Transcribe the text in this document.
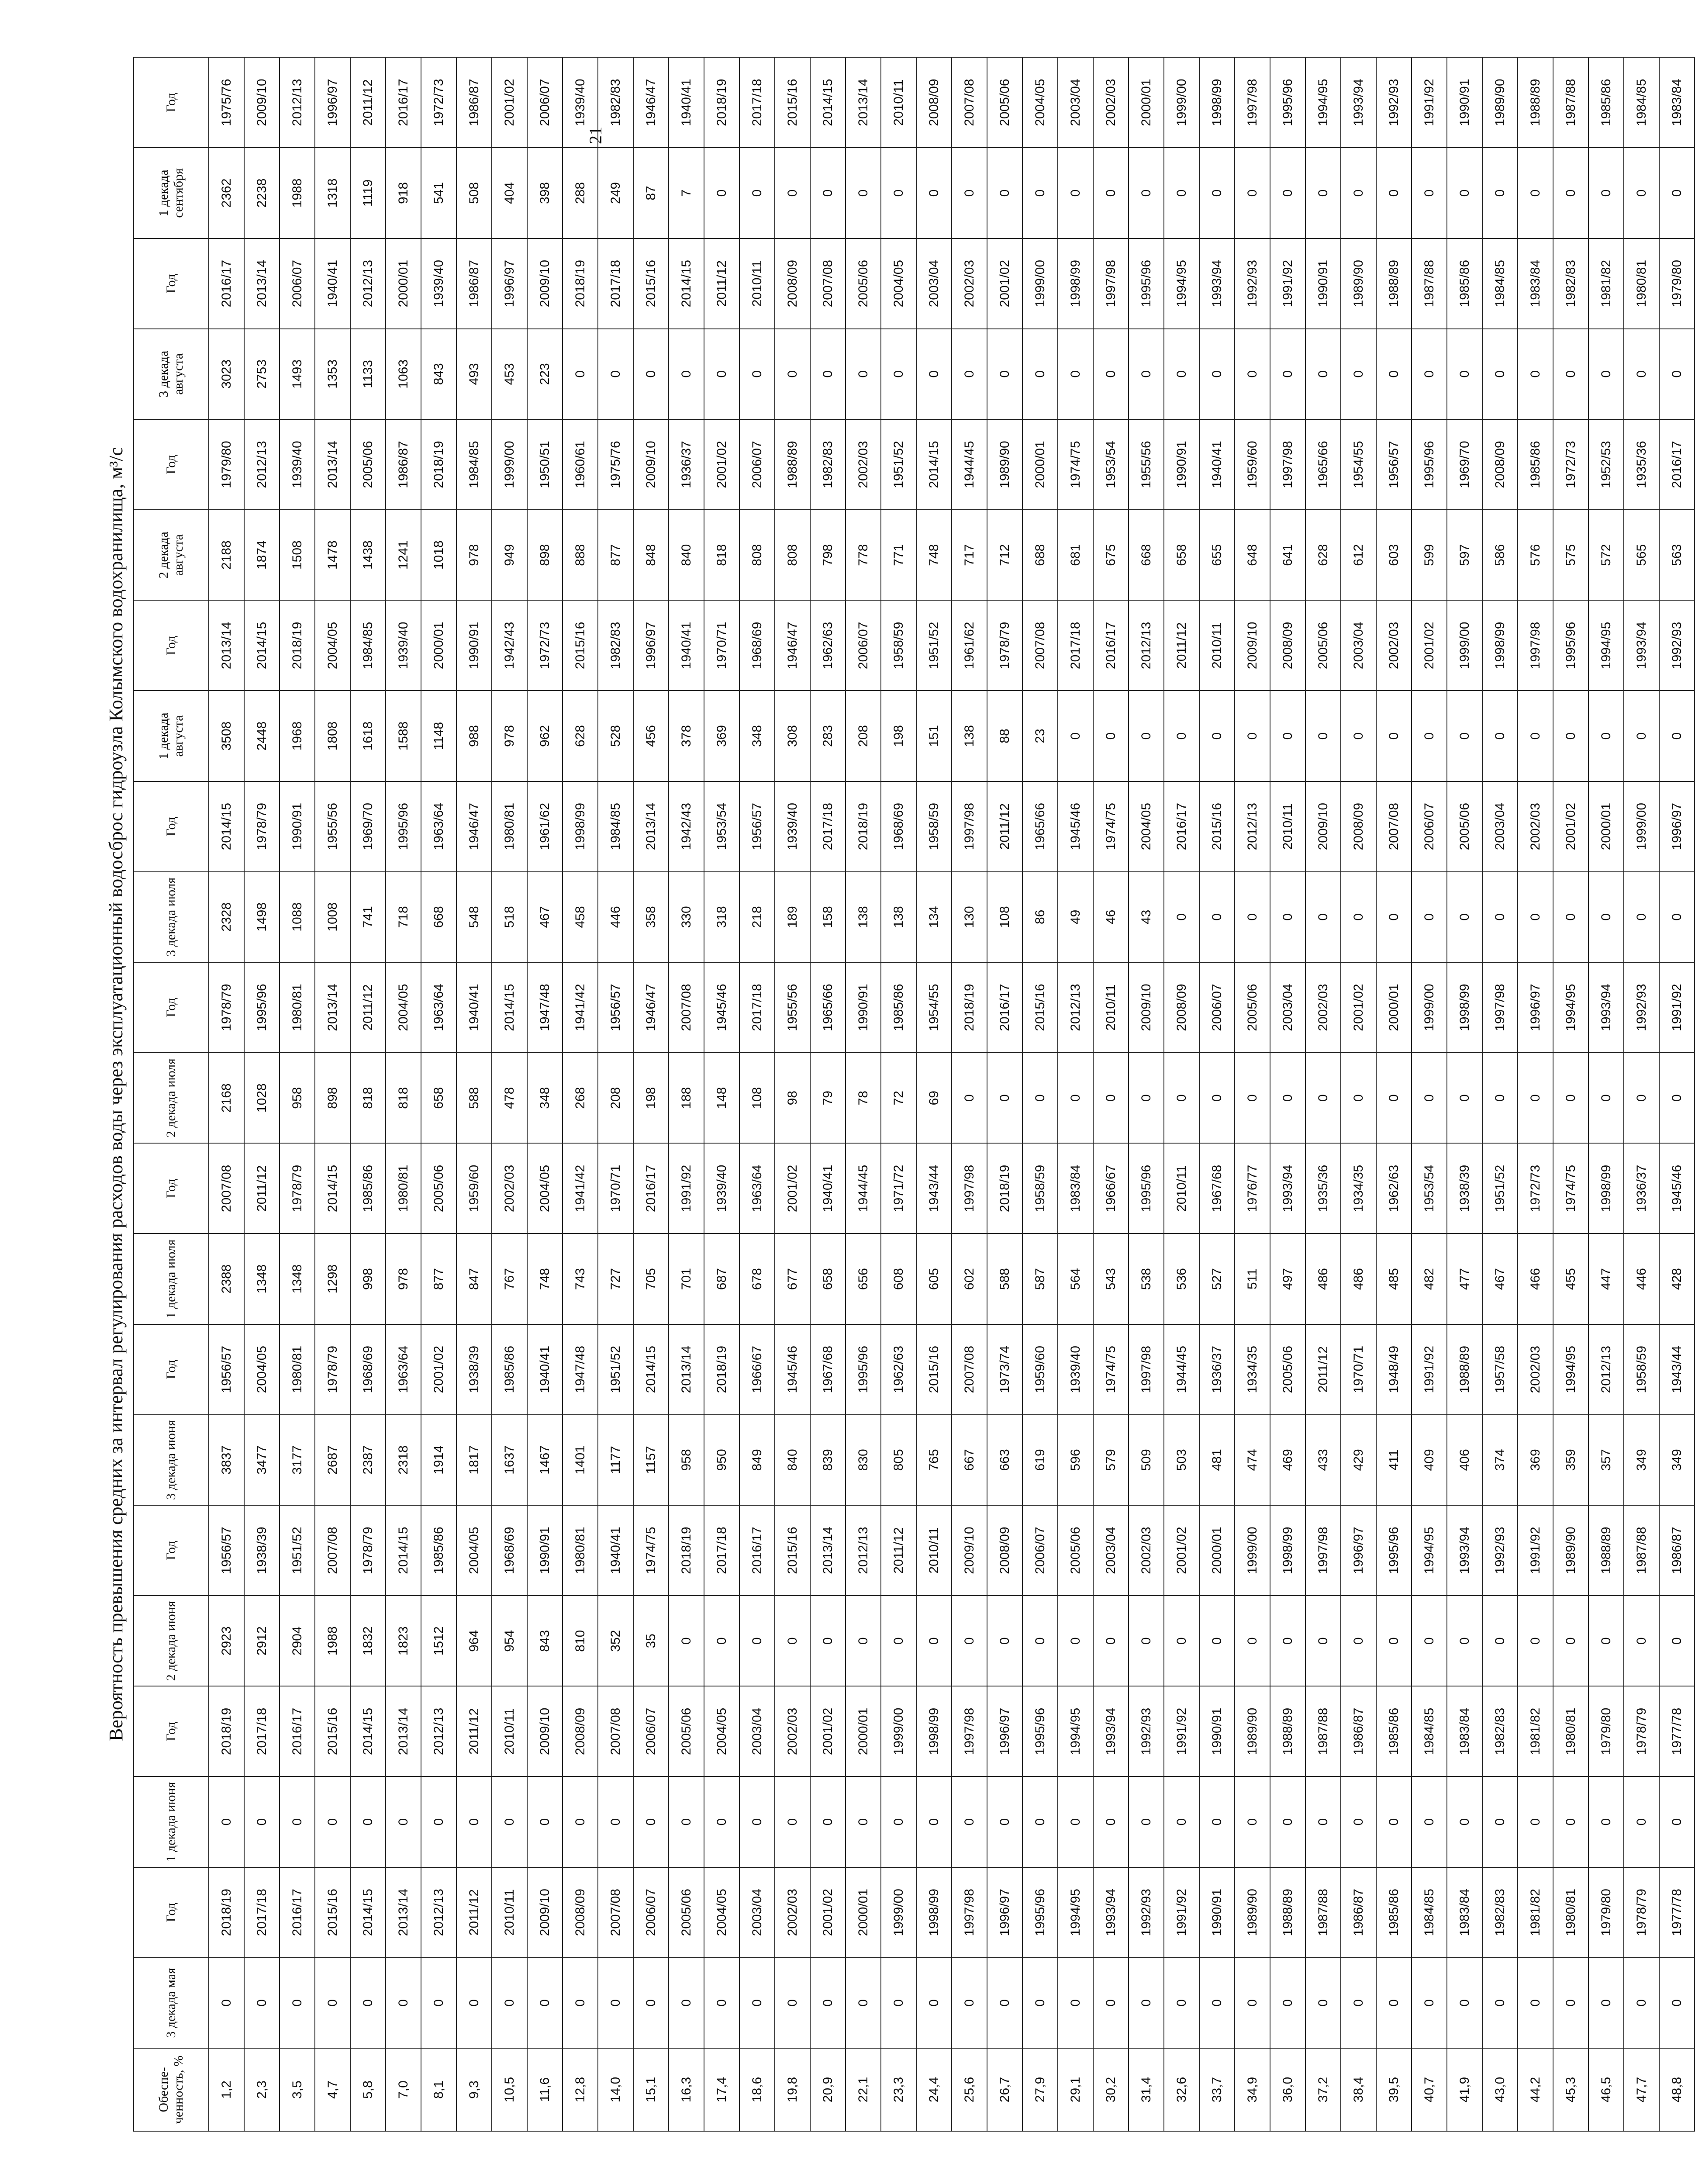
21
Вероятность превышения средних за интервал регулирования расходов воды через эксплуатационный водосброс гидроузла Колымского водохранилища, м³/с
Обеспе-ченность, %	3 декада мая	Год	1 декада июня	Год	2 декада июня	Год	3 декада июня	Год	1 декада июля	Год	2 декада июля	Год	3 декада июля	Год	1 декада августа	Год	2 декада августа	Год	3 декада августа	Год	1 декада сентября	Год
1,2	0	2018/19	0	2018/19	2923	1956/57	3837	1956/57	2388	2007/08	2168	1978/79	2328	2014/15	3508	2013/14	2188	1979/80	3023	2016/17	2362	1975/76
2,3	0	2017/18	0	2017/18	2912	1938/39	3477	2004/05	1348	2011/12	1028	1995/96	1498	1978/79	2448	2014/15	1874	2012/13	2753	2013/14	2238	2009/10
3,5	0	2016/17	0	2016/17	2904	1951/52	3177	1980/81	1348	1978/79	958	1980/81	1088	1990/91	1968	2018/19	1508	1939/40	1493	2006/07	1988	2012/13
4,7	0	2015/16	0	2015/16	1988	2007/08	2687	1978/79	1298	2014/15	898	2013/14	1008	1955/56	1808	2004/05	1478	2013/14	1353	1940/41	1318	1996/97
5,8	0	2014/15	0	2014/15	1832	1978/79	2387	1968/69	998	1985/86	818	2011/12	741	1969/70	1618	1984/85	1438	2005/06	1133	2012/13	1119	2011/12
7,0	0	2013/14	0	2013/14	1823	2014/15	2318	1963/64	978	1980/81	818	2004/05	718	1995/96	1588	1939/40	1241	1986/87	1063	2000/01	918	2016/17
8,1	0	2012/13	0	2012/13	1512	1985/86	1914	2001/02	877	2005/06	658	1963/64	668	1963/64	1148	2000/01	1018	2018/19	843	1939/40	541	1972/73
9,3	0	2011/12	0	2011/12	964	2004/05	1817	1938/39	847	1959/60	588	1940/41	548	1946/47	988	1990/91	978	1984/85	493	1986/87	508	1986/87
10,5	0	2010/11	0	2010/11	954	1968/69	1637	1985/86	767	2002/03	478	2014/15	518	1980/81	978	1942/43	949	1999/00	453	1996/97	404	2001/02
11,6	0	2009/10	0	2009/10	843	1990/91	1467	1940/41	748	2004/05	348	1947/48	467	1961/62	962	1972/73	898	1950/51	223	2009/10	398	2006/07
12,8	0	2008/09	0	2008/09	810	1980/81	1401	1947/48	743	1941/42	268	1941/42	458	1998/99	628	2015/16	888	1960/61	0	2018/19	288	1939/40
14,0	0	2007/08	0	2007/08	352	1940/41	1177	1951/52	727	1970/71	208	1956/57	446	1984/85	528	1982/83	877	1975/76	0	2017/18	249	1982/83
15,1	0	2006/07	0	2006/07	35	1974/75	1157	2014/15	705	2016/17	198	1946/47	358	2013/14	456	1996/97	848	2009/10	0	2015/16	87	1946/47
16,3	0	2005/06	0	2005/06	0	2018/19	958	2013/14	701	1991/92	188	2007/08	330	1942/43	378	1940/41	840	1936/37	0	2014/15	7	1940/41
17,4	0	2004/05	0	2004/05	0	2017/18	950	2018/19	687	1939/40	148	1945/46	318	1953/54	369	1970/71	818	2001/02	0	2011/12	0	2018/19
18,6	0	2003/04	0	2003/04	0	2016/17	849	1966/67	678	1963/64	108	2017/18	218	1956/57	348	1968/69	808	2006/07	0	2010/11	0	2017/18
19,8	0	2002/03	0	2002/03	0	2015/16	840	1945/46	677	2001/02	98	1955/56	189	1939/40	308	1946/47	808	1988/89	0	2008/09	0	2015/16
20,9	0	2001/02	0	2001/02	0	2013/14	839	1967/68	658	1940/41	79	1965/66	158	2017/18	283	1962/63	798	1982/83	0	2007/08	0	2014/15
22,1	0	2000/01	0	2000/01	0	2012/13	830	1995/96	656	1944/45	78	1990/91	138	2018/19	208	2006/07	778	2002/03	0	2005/06	0	2013/14
23,3	0	1999/00	0	1999/00	0	2011/12	805	1962/63	608	1971/72	72	1985/86	138	1968/69	198	1958/59	771	1951/52	0	2004/05	0	2010/11
24,4	0	1998/99	0	1998/99	0	2010/11	765	2015/16	605	1943/44	69	1954/55	134	1958/59	151	1951/52	748	2014/15	0	2003/04	0	2008/09
25,6	0	1997/98	0	1997/98	0	2009/10	667	2007/08	602	1997/98	0	2018/19	130	1997/98	138	1961/62	717	1944/45	0	2002/03	0	2007/08
26,7	0	1996/97	0	1996/97	0	2008/09	663	1973/74	588	2018/19	0	2016/17	108	2011/12	88	1978/79	712	1989/90	0	2001/02	0	2005/06
27,9	0	1995/96	0	1995/96	0	2006/07	619	1959/60	587	1958/59	0	2015/16	86	1965/66	23	2007/08	688	2000/01	0	1999/00	0	2004/05
29,1	0	1994/95	0	1994/95	0	2005/06	596	1939/40	564	1983/84	0	2012/13	49	1945/46	0	2017/18	681	1974/75	0	1998/99	0	2003/04
30,2	0	1993/94	0	1993/94	0	2003/04	579	1974/75	543	1966/67	0	2010/11	46	1974/75	0	2016/17	675	1953/54	0	1997/98	0	2002/03
31,4	0	1992/93	0	1992/93	0	2002/03	509	1997/98	538	1995/96	0	2009/10	43	2004/05	0	2012/13	668	1955/56	0	1995/96	0	2000/01
32,6	0	1991/92	0	1991/92	0	2001/02	503	1944/45	536	2010/11	0	2008/09	0	2016/17	0	2011/12	658	1990/91	0	1994/95	0	1999/00
33,7	0	1990/91	0	1990/91	0	2000/01	481	1936/37	527	1967/68	0	2006/07	0	2015/16	0	2010/11	655	1940/41	0	1993/94	0	1998/99
34,9	0	1989/90	0	1989/90	0	1999/00	474	1934/35	511	1976/77	0	2005/06	0	2012/13	0	2009/10	648	1959/60	0	1992/93	0	1997/98
36,0	0	1988/89	0	1988/89	0	1998/99	469	2005/06	497	1993/94	0	2003/04	0	2010/11	0	2008/09	641	1997/98	0	1991/92	0	1995/96
37,2	0	1987/88	0	1987/88	0	1997/98	433	2011/12	486	1935/36	0	2002/03	0	2009/10	0	2005/06	628	1965/66	0	1990/91	0	1994/95
38,4	0	1986/87	0	1986/87	0	1996/97	429	1970/71	486	1934/35	0	2001/02	0	2008/09	0	2003/04	612	1954/55	0	1989/90	0	1993/94
39,5	0	1985/86	0	1985/86	0	1995/96	411	1948/49	485	1962/63	0	2000/01	0	2007/08	0	2002/03	603	1956/57	0	1988/89	0	1992/93
40,7	0	1984/85	0	1984/85	0	1994/95	409	1991/92	482	1953/54	0	1999/00	0	2006/07	0	2001/02	599	1995/96	0	1987/88	0	1991/92
41,9	0	1983/84	0	1983/84	0	1993/94	406	1988/89	477	1938/39	0	1998/99	0	2005/06	0	1999/00	597	1969/70	0	1985/86	0	1990/91
43,0	0	1982/83	0	1982/83	0	1992/93	374	1957/58	467	1951/52	0	1997/98	0	2003/04	0	1998/99	586	2008/09	0	1984/85	0	1989/90
44,2	0	1981/82	0	1981/82	0	1991/92	369	2002/03	466	1972/73	0	1996/97	0	2002/03	0	1997/98	576	1985/86	0	1983/84	0	1988/89
45,3	0	1980/81	0	1980/81	0	1989/90	359	1994/95	455	1974/75	0	1994/95	0	2001/02	0	1995/96	575	1972/73	0	1982/83	0	1987/88
46,5	0	1979/80	0	1979/80	0	1988/89	357	2012/13	447	1998/99	0	1993/94	0	2000/01	0	1994/95	572	1952/53	0	1981/82	0	1985/86
47,7	0	1978/79	0	1978/79	0	1987/88	349	1958/59	446	1936/37	0	1992/93	0	1999/00	0	1993/94	565	1935/36	0	1980/81	0	1984/85
48,8	0	1977/78	0	1977/78	0	1986/87	349	1943/44	428	1945/46	0	1991/92	0	1996/97	0	1992/93	563	2016/17	0	1979/80	0	1983/84
